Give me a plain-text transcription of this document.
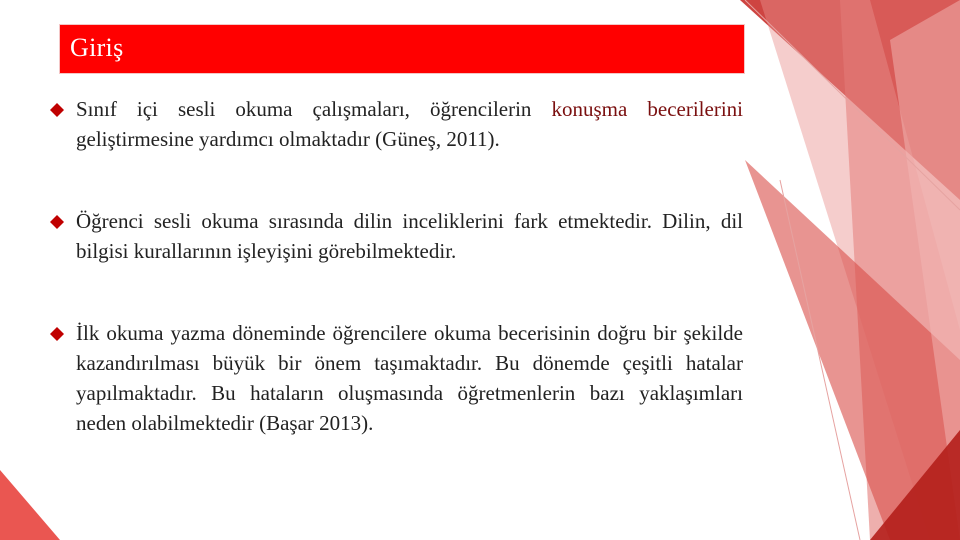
Giriş
Sınıf içi sesli okuma çalışmaları, öğrencilerin konuşma becerilerini geliştirmesine yardımcı olmaktadır (Güneş, 2011).
Öğrenci sesli okuma sırasında dilin inceliklerini fark etmektedir. Dilin, dil bilgisi kurallarının işleyişini görebilmektedir.
İlk okuma yazma döneminde öğrencilere okuma becerisinin doğru bir şekilde kazandırılması büyük bir önem taşımaktadır. Bu dönemde çeşitli hatalar yapılmaktadır. Bu hataların oluşmasında öğretmenlerin bazı yaklaşımları neden olabilmektedir (Başar 2013).
